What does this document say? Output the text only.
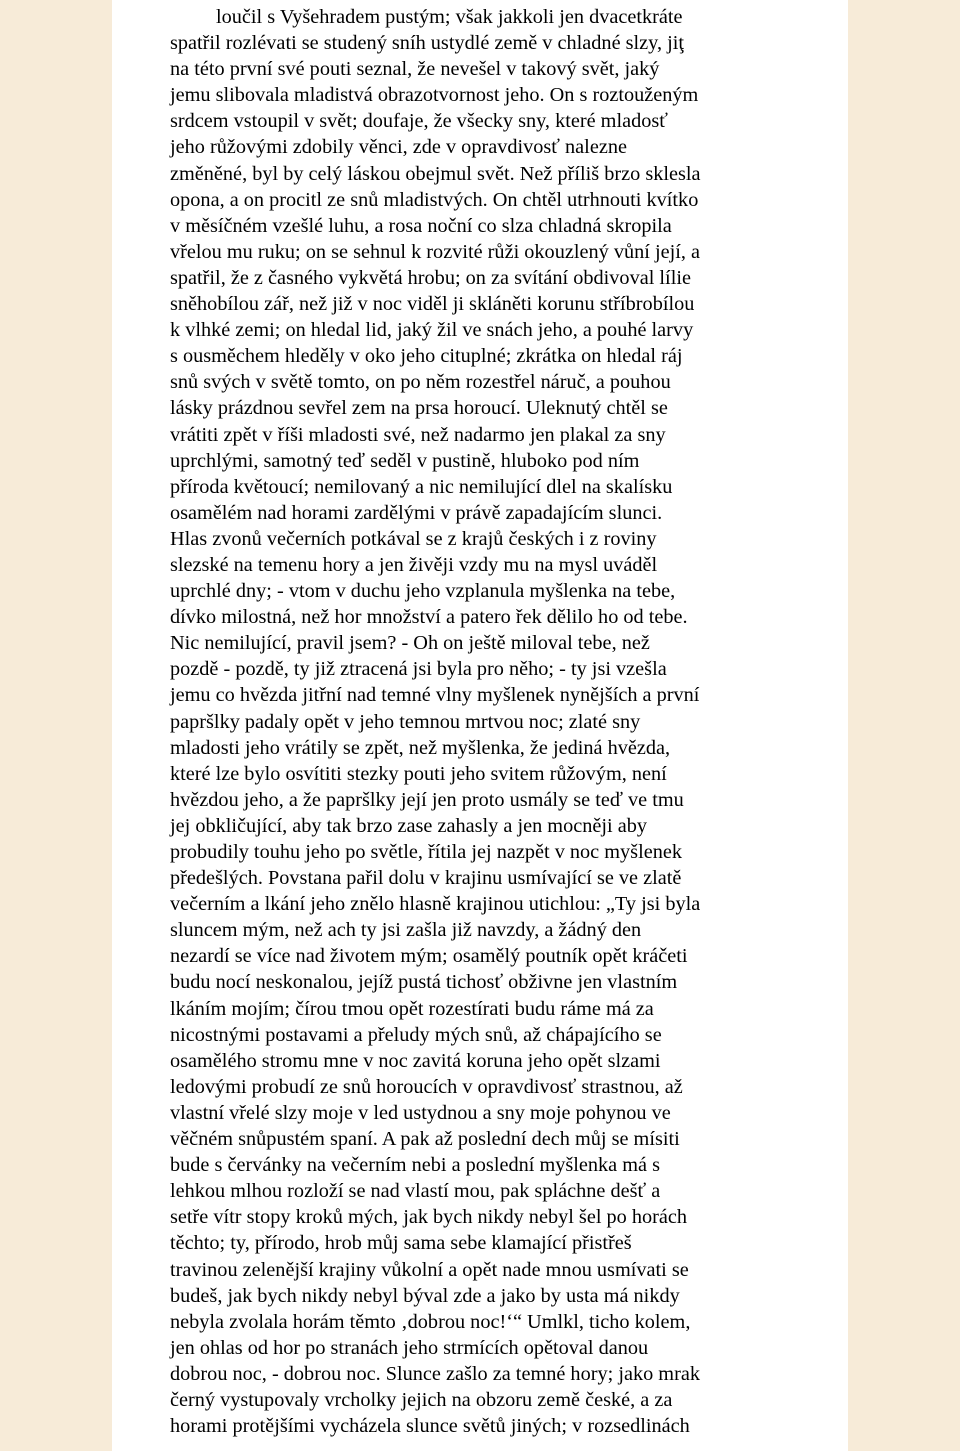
loučil s Vyšehradem pustým; však jakkoli jen dvacetkráte
spatřil rozlévati se studený sníh ustydlé země v chladné slzy, jiţ
na této první své pouti seznal, že nevešel v takový svět, jaký
jemu slibovala mladistvá obrazotvornost jeho. On s roztouženým
srdcem vstoupil v svět; doufaje, že všecky sny, které mladosť
jeho růžovými zdobily věnci, zde v opravdivosť nalezne
změněné, byl by celý láskou obejmul svět. Než příliš brzo sklesla
opona, a on procitl ze snů mladistvých. On chtěl utrhnouti kvítko
v měsíčném vzešlé luhu, a rosa noční co slza chladná skropila
vřelou mu ruku; on se sehnul k rozvité růži okouzlený vůní její, a
spatřil, že z časného vykvětá hrobu; on za svítání obdivoval lílie
sněhobílou zář, než již v noc viděl ji skláněti korunu stříbrobílou
k vlhké zemi; on hledal lid, jaký žil ve snách jeho, a pouhé larvy
s ousměchem hleděly v oko jeho cituplné; zkrátka on hledal ráj
snů svých v světě tomto, on po něm rozestřel náruč, a pouhou
lásky prázdnou sevřel zem na prsa horoucí. Uleknutý chtěl se
vrátiti zpět v říši mladosti své, než nadarmo jen plakal za sny
uprchlými, samotný teď seděl v pustině, hluboko pod ním
příroda květoucí; nemilovaný a nic nemilující dlel na skalísku
osamělém nad horami zardělými v právě zapadajícím slunci.
Hlas zvonů večerních potkával se z krajů českých i z roviny
slezské na temenu hory a jen živěji vzdy mu na mysl uváděl
uprchlé dny; - vtom v duchu jeho vzplanula myšlenka na tebe,
dívko milostná, než hor množství a patero řek dělilo ho od tebe.
Nic nemilující, pravil jsem? - Oh on ještě miloval tebe, než
pozdě - pozdě, ty již ztracená jsi byla pro něho; - ty jsi vzešla
jemu co hvězda jitřní nad temné vlny myšlenek nynějších a první
papršlky padaly opět v jeho temnou mrtvou noc; zlaté sny
mladosti jeho vrátily se zpět, než myšlenka, že jediná hvězda,
které lze bylo osvítiti stezky pouti jeho svitem růžovým, není
hvězdou jeho, a že papršlky její jen proto usmály se teď ve tmu
jej obkličující, aby tak brzo zase zahasly a jen mocněji aby
probudily touhu jeho po světle, řítila jej nazpět v noc myšlenek
předešlých. Povstana pařil dolu v krajinu usmívající se ve zlatě
večerním a lkání jeho znělo hlasně krajinou utichlou: „Ty jsi byla
sluncem mým, než ach ty jsi zašla již navzdy, a žádný den
nezardí se více nad životem mým; osamělý poutník opět kráčeti
budu nocí neskonalou, jejíž pustá tichosť obživne jen vlastním
lkáním mojím; čírou tmou opět rozestírati budu ráme má za
nicostnými postavami a přeludy mých snů, až chápajícího se
osamělého stromu mne v noc zavitá koruna jeho opět slzami
ledovými probudí ze snů horoucích v opravdivosť strastnou, až
vlastní vřelé slzy moje v led ustydnou a sny moje pohynou ve
věčném snůpustém spaní. A pak až poslední dech můj se mísiti
bude s červánky na večerním nebi a poslední myšlenka má s
lehkou mlhou rozloží se nad vlastí mou, pak spláchne dešť a
setře vítr stopy kroků mých, jak bych nikdy nebyl šel po horách
těchto; ty, přírodo, hrob můj sama sebe klamající přistřeš
travinou zelenější krajiny vůkolní a opět nade mnou usmívati se
budeš, jak bych nikdy nebyl býval zde a jako by usta má nikdy
nebyla zvolala horám těmto ‚dobrou noc!‘“ Umlkl, ticho kolem,
jen ohlas od hor po stranách jeho strmících opětoval danou
dobrou noc, - dobrou noc. Slunce zašlo za temné hory; jako mrak
černý vystupovaly vrcholky jejich na obzoru země české, a za
horami protějšími vycházela slunce světů jiných; v rozsedlinách
